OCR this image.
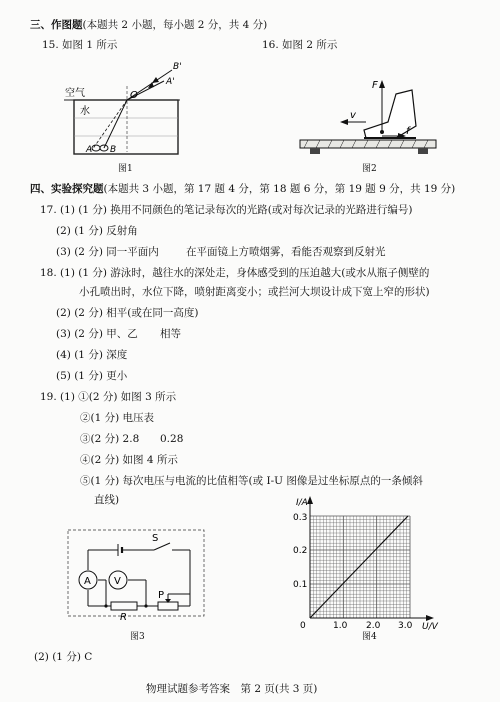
三、作图题(本题共 2 小题，每小题 2 分，共 4 分)
15. 如图 1 所示	16. 如图 2 所示
O
B'
A'
A B
空气
水
图1
F
v
f
图2
四、实验探究题(本题共 3 小题，第 17 题 4 分，第 18 题 6 分，第 19 题 9 分，共 19 分)
17. (1) (1 分) 换用不同颜色的笔记录每次的光路(或对每次记录的光路进行编号)
(2) (1 分) 反射角
(3) (2 分) 同一平面内	在平面镜上方喷烟雾，看能否观察到反射光
18. (1) (1 分) 游泳时，越往水的深处走，身体感受到的压迫越大(或水从瓶子侧壁的
小孔喷出时，水位下降，喷射距离变小；或拦河大坝设计成下宽上窄的形状)
(2) (2 分) 相平(或在同一高度)
(3) (2 分) 甲、乙 相等
(4) (1 分) 深度
(5) (1 分) 更小
19. (1) ①(2 分) 如图 3 所示
②(1 分) 电压表
③(2 分) 2.8 0.28
④(2 分) 如图 4 所示
⑤(1 分) 每次电压与电流的比值相等(或 I-U 图像是过坐标原点的一条倾斜
直线)
A V
S
R
P
图3
I/A
U/V
0	1.0 2.0 3.0
0.1
0.2
0.3
图4
(2) (1 分) C
物理试题参考答案　第 2 页(共 3 页)
